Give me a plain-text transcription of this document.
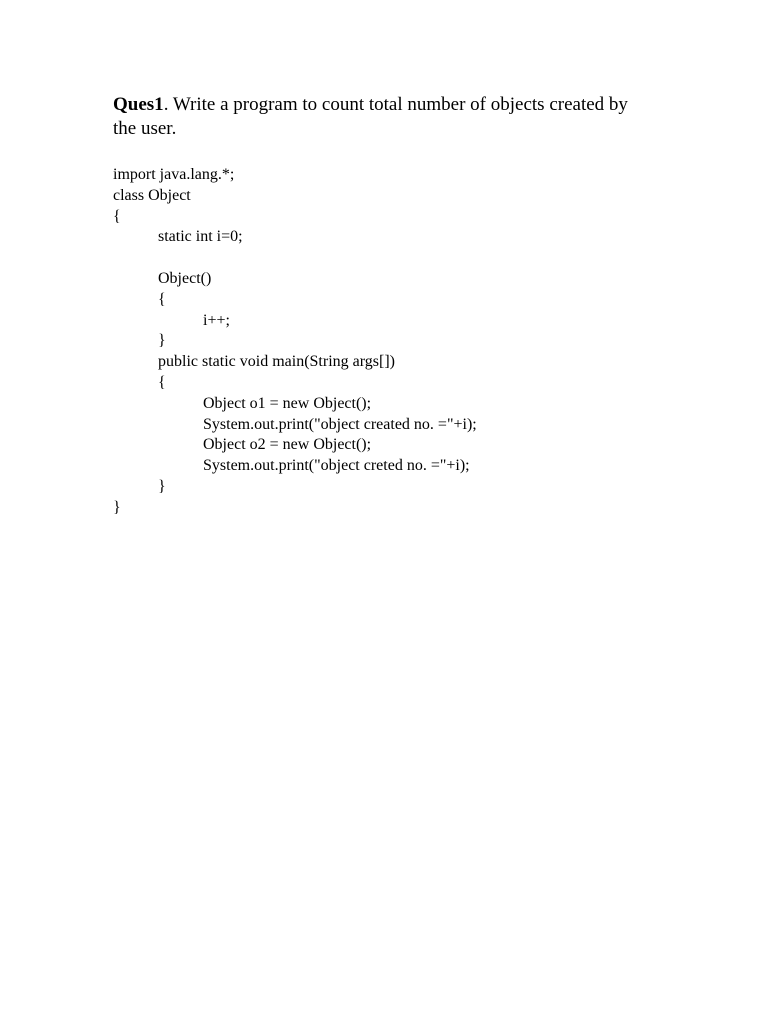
Ques1. Write a program to count total number of objects created by the user.
import java.lang.*;
class Object
{
static int i=0;
Object()
{
i++;
}
public static void main(String args[])
{
Object o1 = new Object();
System.out.print("object created no. ="+i);
Object o2 = new Object();
System.out.print("object creted no. ="+i);
}
}
